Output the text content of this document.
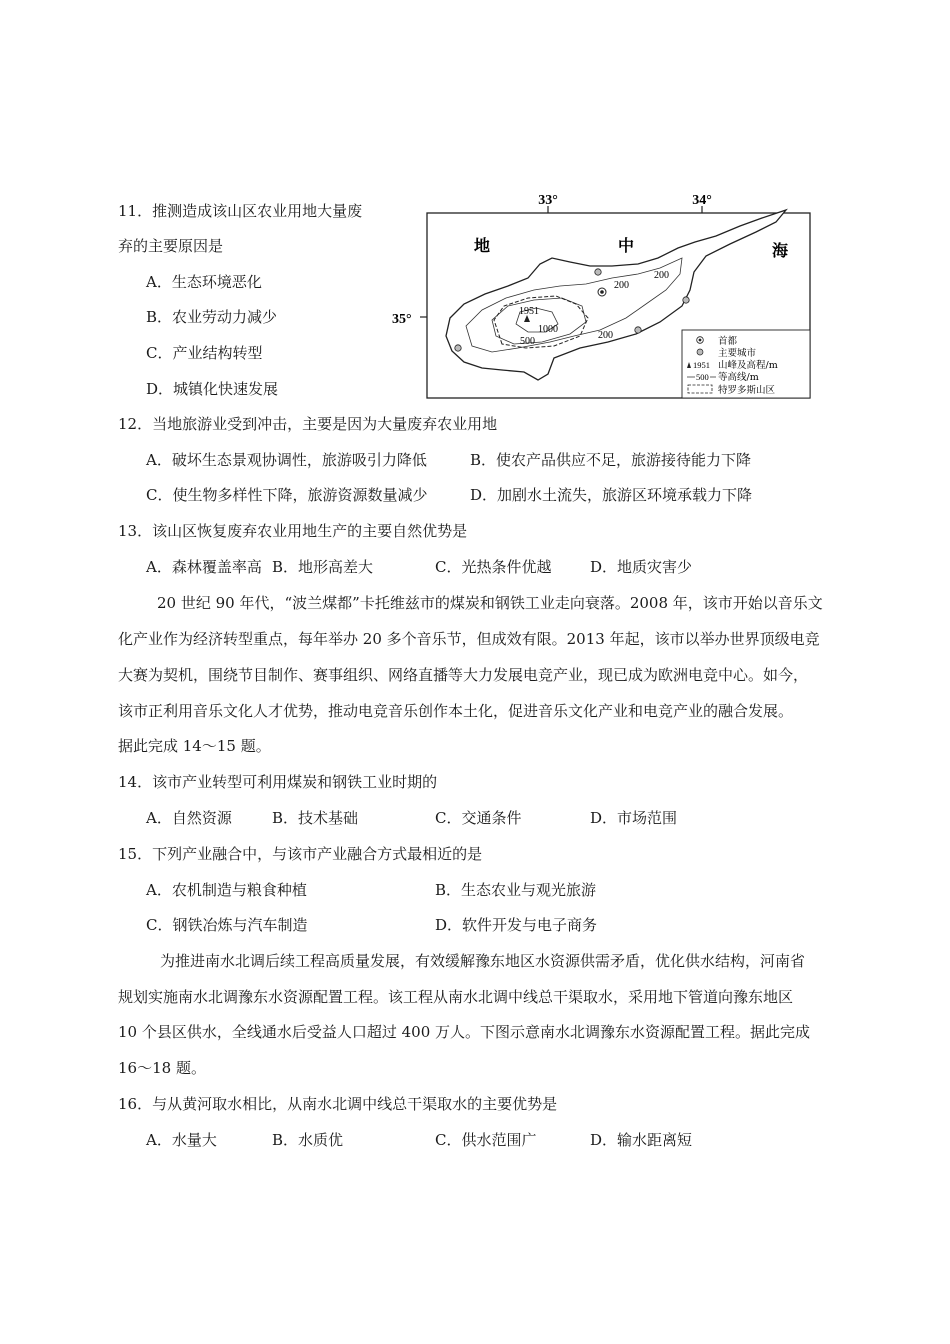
11．推测造成该山区农业用地大量废
弃的主要原因是
A．生态环境恶化
B．农业劳动力减少
C．产业结构转型
D．城镇化快速发展
33°	34°
35°
1951
1000
500
200
200
200
地	中	海
首都
主要城市
1951 山峰及高程/m
500 等高线/m
特罗多斯山区
12．当地旅游业受到冲击，主要是因为大量废弃农业用地
A．破坏生态景观协调性，旅游吸引力降低	B．使农产品供应不足，旅游接待能力下降
C．使生物多样性下降，旅游资源数量减少	D．加剧水土流失，旅游区环境承载力下降
13．该山区恢复废弃农业用地生产的主要自然优势是
A．森林覆盖率高 B．地形高差大	C．光热条件优越	D．地质灾害少
20 世纪 90 年代，“波兰煤都”卡托维兹市的煤炭和钢铁工业走向衰落。2008 年，该市开始以音乐文
化产业作为经济转型重点，每年举办 20 多个音乐节，但成效有限。2013 年起，该市以举办世界顶级电竞
大赛为契机，围绕节目制作、赛事组织、网络直播等大力发展电竞产业，现已成为欧洲电竞中心。如今，
该市正利用音乐文化人才优势，推动电竞音乐创作本土化，促进音乐文化产业和电竞产业的融合发展。
据此完成 14～15 题。
14．该市产业转型可利用煤炭和钢铁工业时期的
A．自然资源	B．技术基础	C．交通条件	D．市场范围
15．下列产业融合中，与该市产业融合方式最相近的是
A．农机制造与粮食种植	B．生态农业与观光旅游
C．钢铁冶炼与汽车制造	D．软件开发与电子商务
为推进南水北调后续工程高质量发展，有效缓解豫东地区水资源供需矛盾，优化供水结构，河南省
规划实施南水北调豫东水资源配置工程。该工程从南水北调中线总干渠取水，采用地下管道向豫东地区
10 个县区供水，全线通水后受益人口超过 400 万人。下图示意南水北调豫东水资源配置工程。据此完成
16～18 题。
16．与从黄河取水相比，从南水北调中线总干渠取水的主要优势是
A．水量大	B．水质优	C．供水范围广	D．输水距离短
